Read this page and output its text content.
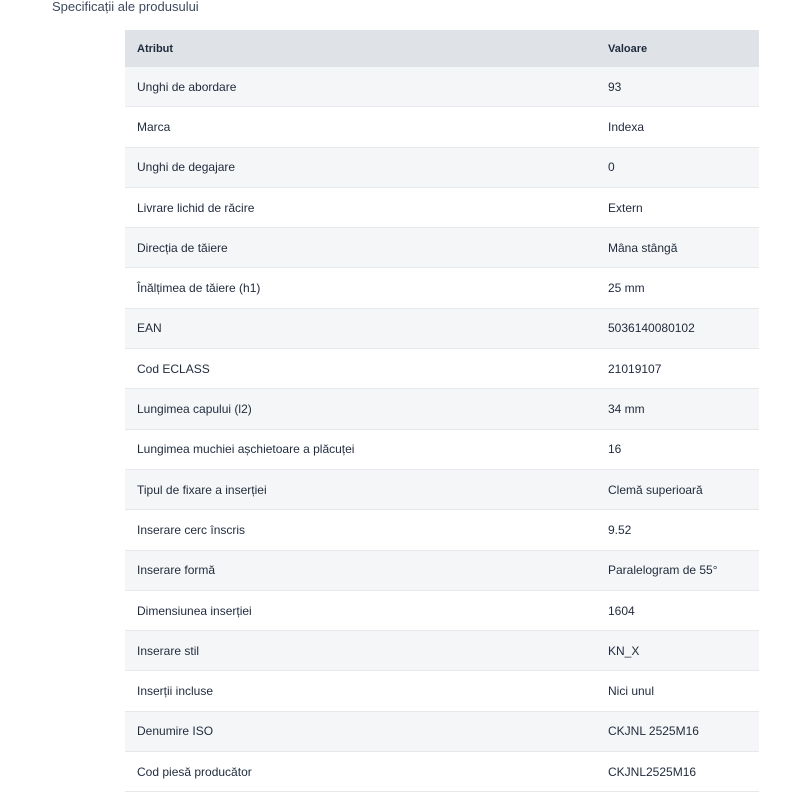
Specificații ale produsului
Atribut	Valoare
Unghi de abordare	93
Marca	Indexa
Unghi de degajare	0
Livrare lichid de răcire	Extern
Direcția de tăiere	Mâna stângă
Înălțimea de tăiere (h1)	25 mm
EAN	5036140080102
Cod ECLASS	21019107
Lungimea capului (l2)	34 mm
Lungimea muchiei așchietoare a plăcuței	16
Tipul de fixare a inserției	Clemă superioară
Inserare cerc înscris	9.52
Inserare formă	Paralelogram de 55°
Dimensiunea inserției	1604
Inserare stil	KN_X
Inserții incluse	Nici unul
Denumire ISO	CKJNL 2525M16
Cod piesă producător	CKJNL2525M16
